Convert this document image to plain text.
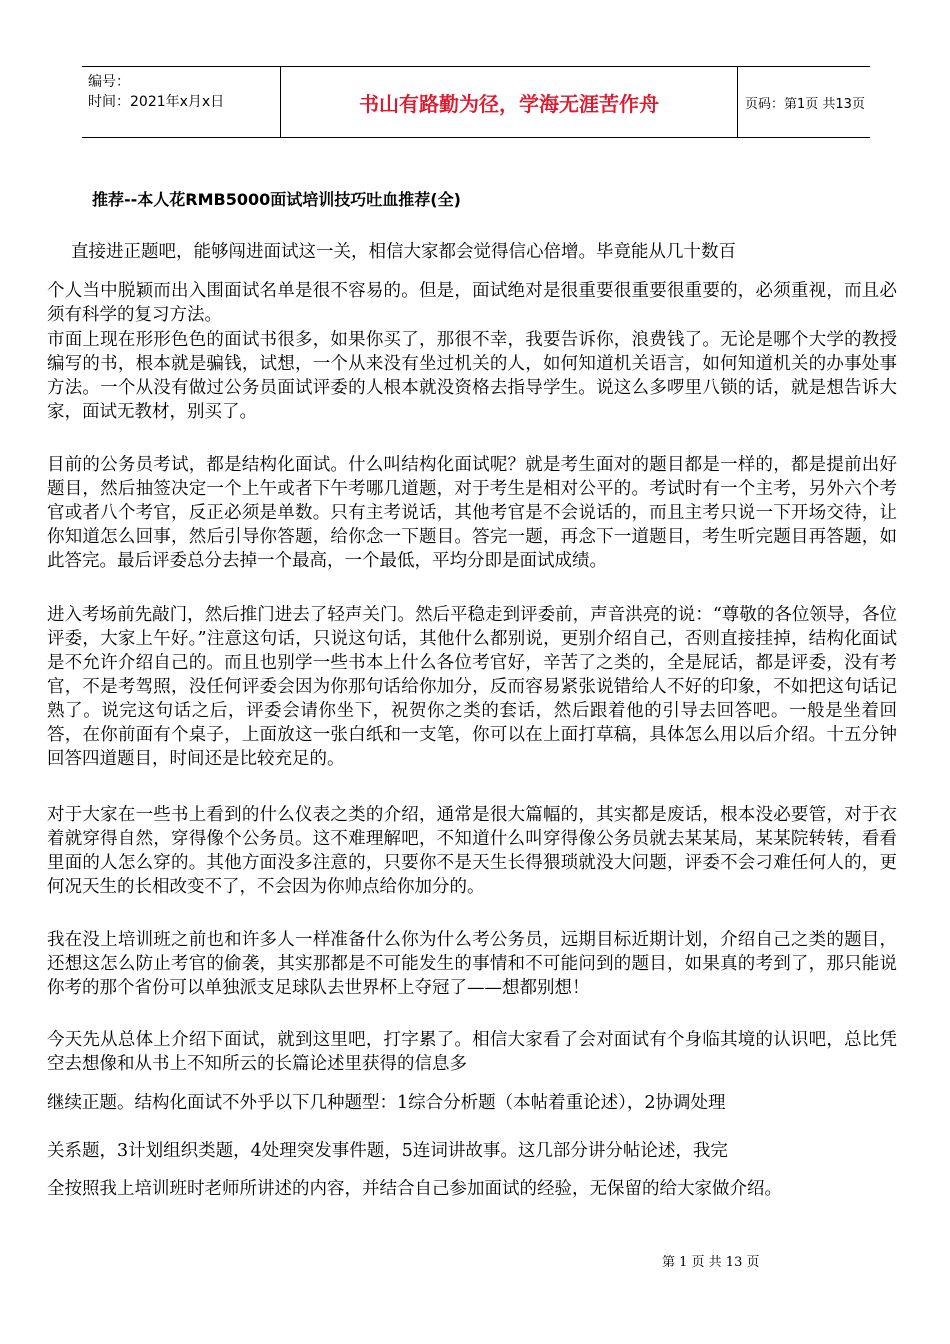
编号：
时间：2021年x月x日	书山有路勤为径，学海无涯苦作舟	页码：第1页 共13页
推荐--本人花RMB5000面试培训技巧吐血推荐(全)

直接进正题吧，能够闯进面试这一关，相信大家都会觉得信心倍增。毕竟能从几十数百

个人当中脱颖而出入围面试名单是很不容易的。但是，面试绝对是很重要很重要很重要的，必须重视，而且必须有科学的复习方法。

市面上现在形形色色的面试书很多，如果你买了，那很不幸，我要告诉你，浪费钱了。无论是哪个大学的教授编写的书，根本就是骗钱，试想，一个从来没有坐过机关的人，如何知道机关语言，如何知道机关的办事处事方法。一个从没有做过公务员面试评委的人根本就没资格去指导学生。说这么多啰里八锁的话，就是想告诉大家，面试无教材，别买了。

目前的公务员考试，都是结构化面试。什么叫结构化面试呢？就是考生面对的题目都是一样的，都是提前出好题目，然后抽签决定一个上午或者下午考哪几道题，对于考生是相对公平的。考试时有一个主考，另外六个考官或者八个考官，反正必须是单数。只有主考说话，其他考官是不会说话的，而且主考只说一下开场交待，让你知道怎么回事，然后引导你答题，给你念一下题目。答完一题，再念下一道题目，考生听完题目再答题，如此答完。最后评委总分去掉一个最高，一个最低，平均分即是面试成绩。

进入考场前先敲门，然后推门进去了轻声关门。然后平稳走到评委前，声音洪亮的说：“尊敬的各位领导，各位评委，大家上午好。”注意这句话，只说这句话，其他什么都别说，更别介绍自己，否则直接挂掉，结构化面试是不允许介绍自己的。而且也别学一些书本上什么各位考官好，辛苦了之类的，全是屁话，都是评委，没有考官，不是考驾照，没任何评委会因为你那句话给你加分，反而容易紧张说错给人不好的印象，不如把这句话记熟了。说完这句话之后，评委会请你坐下，祝贺你之类的套话，然后跟着他的引导去回答吧。一般是坐着回答，在你前面有个桌子，上面放这一张白纸和一支笔，你可以在上面打草稿，具体怎么用以后介绍。十五分钟回答四道题目，时间还是比较充足的。

对于大家在一些书上看到的什么仪表之类的介绍，通常是很大篇幅的，其实都是废话，根本没必要管，对于衣着就穿得自然，穿得像个公务员。这不难理解吧，不知道什么叫穿得像公务员就去某某局，某某院转转，看看里面的人怎么穿的。其他方面没多注意的，只要你不是天生长得猥琐就没大问题，评委不会刁难任何人的，更何况天生的长相改变不了，不会因为你帅点给你加分的。

我在没上培训班之前也和许多人一样准备什么你为什么考公务员，远期目标近期计划，介绍自己之类的题目，还想这怎么防止考官的偷袭，其实那都是不可能发生的事情和不可能问到的题目，如果真的考到了，那只能说你考的那个省份可以单独派支足球队去世界杯上夺冠了——想都别想！

今天先从总体上介绍下面试，就到这里吧，打字累了。相信大家看了会对面试有个身临其境的认识吧，总比凭空去想像和从书上不知所云的长篇论述里获得的信息多

继续正题。结构化面试不外乎以下几种题型：1综合分析题（本帖着重论述），2协调处理

关系题，3计划组织类题，4处理突发事件题，5连词讲故事。这几部分讲分帖论述，我完

全按照我上培训班时老师所讲述的内容，并结合自己参加面试的经验，无保留的给大家做介绍。

第 1 页 共 13 页
